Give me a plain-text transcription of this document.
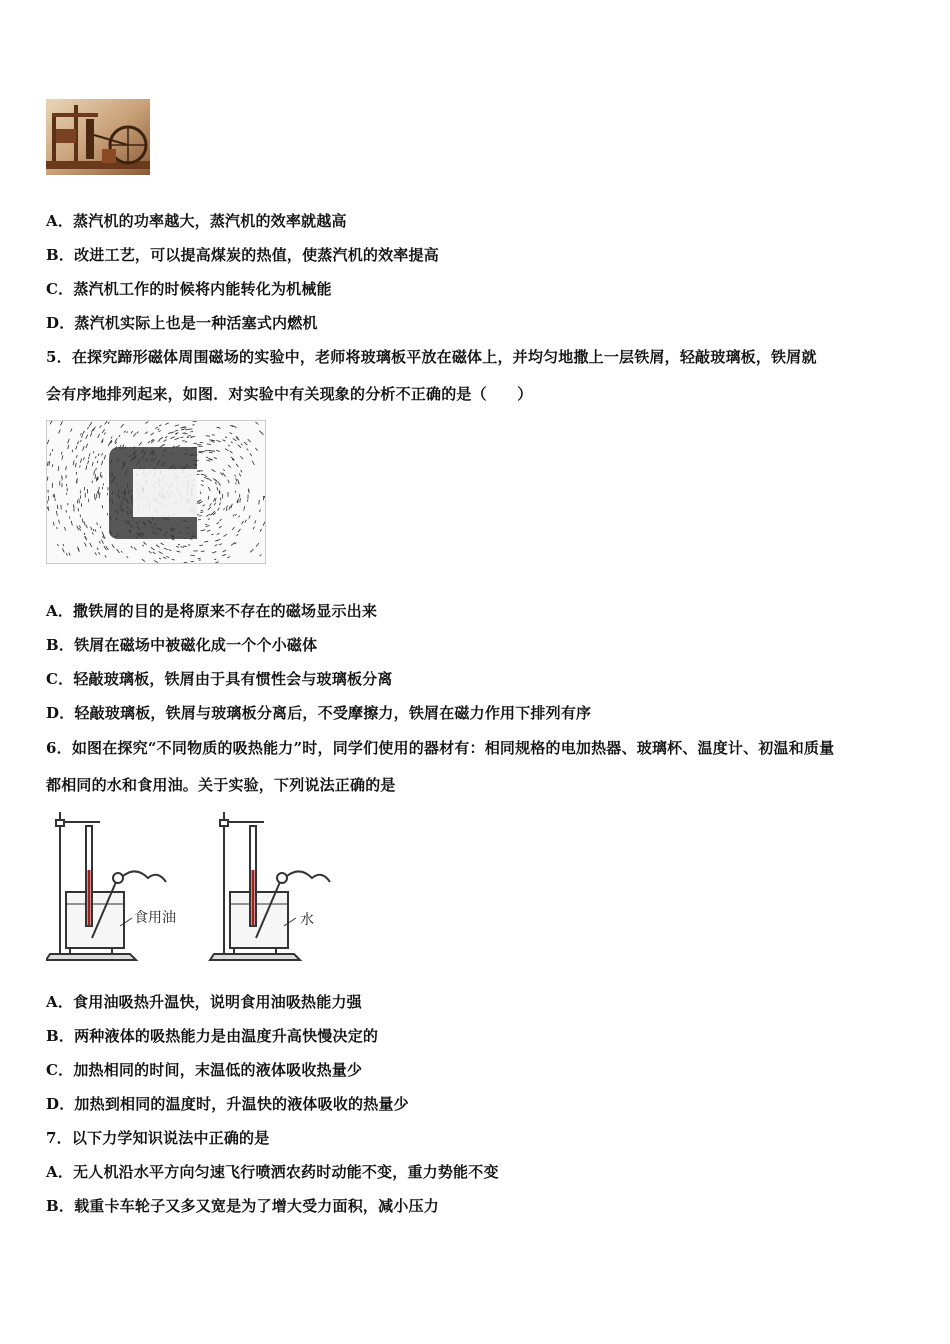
A．蒸汽机的功率越大，蒸汽机的效率就越高
B．改进工艺，可以提高煤炭的热值，使蒸汽机的效率提高
C．蒸汽机工作的时候将内能转化为机械能
D．蒸汽机实际上也是一种活塞式内燃机
5．在探究蹄形磁体周围磁场的实验中，老师将玻璃板平放在磁体上，并均匀地撒上一层铁屑，轻敲玻璃板，铁屑就
会有序地排列起来，如图．对实验中有关现象的分析不正确的是（　　）
A．撒铁屑的目的是将原来不存在的磁场显示出来
B．铁屑在磁场中被磁化成一个个小磁体
C．轻敲玻璃板，铁屑由于具有惯性会与玻璃板分离
D．轻敲玻璃板，铁屑与玻璃板分离后，不受摩擦力，铁屑在磁力作用下排列有序
6．如图在探究“不同物质的吸热能力”时，同学们使用的器材有：相同规格的电加热器、玻璃杯、温度计、初温和质量
都相同的水和食用油。关于实验，下列说法正确的是
食用油	水
A．食用油吸热升温快，说明食用油吸热能力强
B．两种液体的吸热能力是由温度升高快慢决定的
C．加热相同的时间，末温低的液体吸收热量少
D．加热到相同的温度时，升温快的液体吸收的热量少
7．以下力学知识说法中正确的是
A．无人机沿水平方向匀速飞行喷洒农药时动能不变，重力势能不变
B．载重卡车轮子又多又宽是为了增大受力面积，减小压力
